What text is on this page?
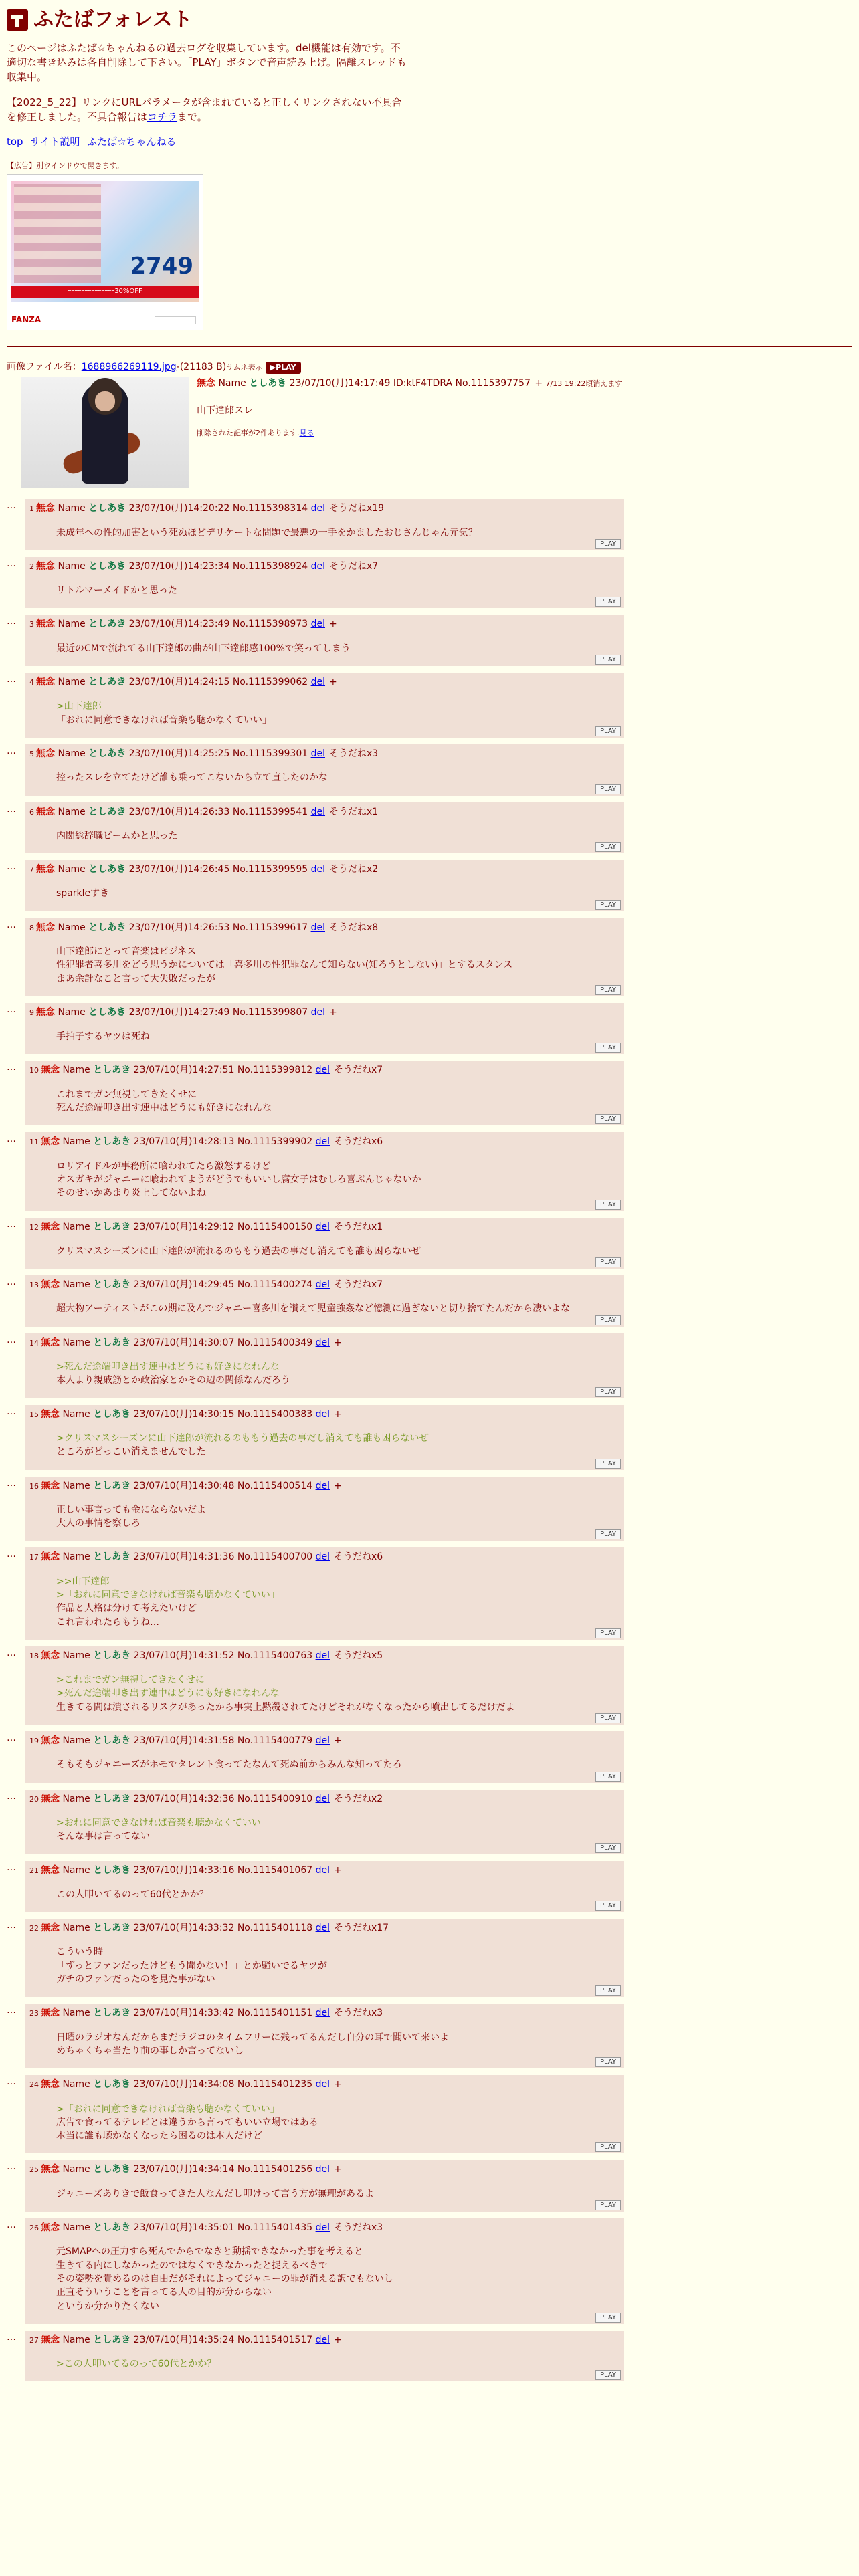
ふたばフォレスト

このページはふたば☆ちゃんねるの過去ログを収集しています。del機能は有効です。不適切な書き込みは各自削除して下さい。「PLAY」ボタンで音声読み上げ。隔離スレッドも収集中。

【2022_5_22】リンクにURLパラメータが含まれていると正しくリンクされない不具合を修正しました。不具合報告はコチラまで。

top サイト説明 ふたば☆ちゃんねる
【広告】別ウインドウで開きます。
2749
ｰｰｰｰｰｰｰｰｰｰｰｰｰｰ30%OFF
FANZA
画像ファイル名：1688966269119.jpg-(21183 B)サムネ表示 ▶PLAY
無念 Name としあき 23/07/10(月)14:17:49 ID:ktF4TDRA No.1115397757 + 7/13 19:22頃消えます
山下達郎スレ
削除された記事が2件あります.見る
…	1 無念 Name としあき 23/07/10(月)14:20:22 No.1115398314 del そうだねx19
未成年への性的加害という死ぬほどデリケートな問題で最悪の一手をかましたおじさんじゃん元気？
PLAY
…	2 無念 Name としあき 23/07/10(月)14:23:34 No.1115398924 del そうだねx7
リトルマーメイドかと思った
PLAY
…	3 無念 Name としあき 23/07/10(月)14:23:49 No.1115398973 del +
最近のCMで流れてる山下達郎の曲が山下達郎感100%で笑ってしまう
PLAY
…	4 無念 Name としあき 23/07/10(月)14:24:15 No.1115399062 del +
>山下達郎
「おれに同意できなければ音楽も聴かなくていい」
PLAY
…	5 無念 Name としあき 23/07/10(月)14:25:25 No.1115399301 del そうだねx3
控ったスレを立てたけど誰も乗ってこないから立て直したのかな
PLAY
…	6 無念 Name としあき 23/07/10(月)14:26:33 No.1115399541 del そうだねx1
内閣総辞職ビームかと思った
PLAY
…	7 無念 Name としあき 23/07/10(月)14:26:45 No.1115399595 del そうだねx2
sparkleすき
PLAY
…	8 無念 Name としあき 23/07/10(月)14:26:53 No.1115399617 del そうだねx8
山下達郎にとって音楽はビジネス
性犯罪者喜多川をどう思うかについては「喜多川の性犯罪なんて知らない(知ろうとしない)」とするスタンス
まあ余計なこと言って大失敗だったが
PLAY
…	9 無念 Name としあき 23/07/10(月)14:27:49 No.1115399807 del +
手拍子するヤツは死ね
PLAY
…	10 無念 Name としあき 23/07/10(月)14:27:51 No.1115399812 del そうだねx7
これまでガン無視してきたくせに
死んだ途端叩き出す連中はどうにも好きになれんな
PLAY
…	11 無念 Name としあき 23/07/10(月)14:28:13 No.1115399902 del そうだねx6
ロリアイドルが事務所に喰われてたら激怒するけど
オスガキがジャニーに喰われてようがどうでもいいし腐女子はむしろ喜ぶんじゃないか
そのせいかあまり炎上してないよね
PLAY
…	12 無念 Name としあき 23/07/10(月)14:29:12 No.1115400150 del そうだねx1
クリスマスシーズンに山下達郎が流れるのももう過去の事だし消えても誰も困らないぜ
PLAY
…	13 無念 Name としあき 23/07/10(月)14:29:45 No.1115400274 del そうだねx7
超大物アーティストがこの期に及んでジャニー喜多川を讃えて児童強姦など憶測に過ぎないと切り捨てたんだから凄いよな
PLAY
…	14 無念 Name としあき 23/07/10(月)14:30:07 No.1115400349 del +
>死んだ途端叩き出す連中はどうにも好きになれんな
本人より親戚筋とか政治家とかその辺の関係なんだろう
PLAY
…	15 無念 Name としあき 23/07/10(月)14:30:15 No.1115400383 del +
>クリスマスシーズンに山下達郎が流れるのももう過去の事だし消えても誰も困らないぜ
ところがどっこい消えませんでした
PLAY
…	16 無念 Name としあき 23/07/10(月)14:30:48 No.1115400514 del +
正しい事言っても金にならないだよ
大人の事情を察しろ
PLAY
…	17 無念 Name としあき 23/07/10(月)14:31:36 No.1115400700 del そうだねx6
>>山下達郎
>「おれに同意できなければ音楽も聴かなくていい」
作品と人格は分けて考えたいけど
これ言われたらもうね…
PLAY
…	18 無念 Name としあき 23/07/10(月)14:31:52 No.1115400763 del そうだねx5
>これまでガン無視してきたくせに
>死んだ途端叩き出す連中はどうにも好きになれんな
生きてる間は潰されるリスクがあったから事実上黙殺されてたけどそれがなくなったから噴出してるだけだよ
PLAY
…	19 無念 Name としあき 23/07/10(月)14:31:58 No.1115400779 del +
そもそもジャニーズがホモでタレント食ってたなんて死ぬ前からみんな知ってたろ
PLAY
…	20 無念 Name としあき 23/07/10(月)14:32:36 No.1115400910 del そうだねx2
>おれに同意できなければ音楽も聴かなくていい
そんな事は言ってない
PLAY
…	21 無念 Name としあき 23/07/10(月)14:33:16 No.1115401067 del +
この人叩いてるのって60代とかか？
PLAY
…	22 無念 Name としあき 23/07/10(月)14:33:32 No.1115401118 del そうだねx17
こういう時
「ずっとファンだったけどもう聞かない！」とか騒いでるヤツが
ガチのファンだったのを見た事がない
PLAY
…	23 無念 Name としあき 23/07/10(月)14:33:42 No.1115401151 del そうだねx3
日曜のラジオなんだからまだラジコのタイムフリーに残ってるんだし自分の耳で聞いて来いよ
めちゃくちゃ当たり前の事しか言ってないし
PLAY
…	24 無念 Name としあき 23/07/10(月)14:34:08 No.1115401235 del +
>「おれに同意できなければ音楽も聴かなくていい」
広告で食ってるテレビとは違うから言ってもいい立場ではある
本当に誰も聴かなくなったら困るのは本人だけど
PLAY
…	25 無念 Name としあき 23/07/10(月)14:34:14 No.1115401256 del +
ジャニーズありきで飯食ってきた人なんだし叩けって言う方が無理があるよ
PLAY
…	26 無念 Name としあき 23/07/10(月)14:35:01 No.1115401435 del そうだねx3
元SMAPへの圧力すら死んでからでなきと動揺できなかった事を考えると
生きてる内にしなかったのではなくできなかったと捉えるべきで
その姿勢を貴めるのは自由だがそれによってジャニーの罪が消える訳でもないし
正直そういうことを言ってる人の目的が分からない
というか分かりたくない
PLAY
…	27 無念 Name としあき 23/07/10(月)14:35:24 No.1115401517 del +
>この人叩いてるのって60代とかか？
PLAY
